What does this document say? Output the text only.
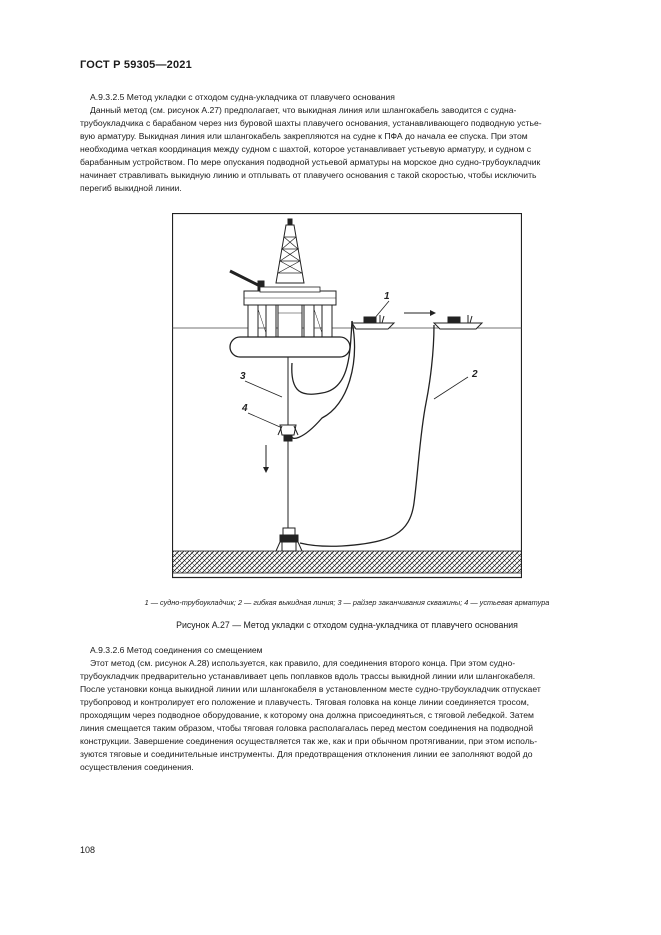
ГОСТ Р 59305—2021
А.9.3.2.5 Метод укладки с отходом судна-укладчика от плавучего основания
Данный метод (см. рисунок А.27) предполагает, что выкидная линия или шлангокабель заводится с судна-
трубоукладчика с барабаном через низ буровой шахты плавучего основания, устанавливающего подводную устье-
вую арматуру. Выкидная линия или шлангокабель закрепляются на судне к ПФА до начала ее спуска. При этом
необходима четкая координация между судном с шахтой, которое устанавливает устьевую арматуру, и судном с
барабанным устройством. По мере опускания подводной устьевой арматуры на морское дно судно-трубоукладчик
начинает стравливать выкидную линию и отплывать от плавучего основания с такой скоростью, чтобы исключить
перегиб выкидной линии.
1
2
3
4
1 — судно-трубоукладчик; 2 — гибкая выкидная линия; 3 — райзер заканчивания скважины; 4 — устьевая арматура
Рисунок А.27 — Метод укладки с отходом судна-укладчика от плавучего основания
А.9.3.2.6 Метод соединения со смещением
Этот метод (см. рисунок А.28) используется, как правило, для соединения второго конца. При этом судно-
трубоукладчик предварительно устанавливает цепь поплавков вдоль трассы выкидной линии или шлангокабеля.
После установки конца выкидной линии или шлангокабеля в установленном месте судно-трубоукладчик отпускает
трубопровод и контролирует его положение и плавучесть. Тяговая головка на конце линии соединяется тросом,
проходящим через подводное оборудование, к которому она должна присоединяться, с тяговой лебедкой. Затем
линия смещается таким образом, чтобы тяговая головка располагалась перед местом соединения на подводной
конструкции. Завершение соединения осуществляется так же, как и при обычном протягивании, при этом исполь-
зуются тяговые и соединительные инструменты. Для предотвращения отклонения линии ее заполняют водой до
осуществления соединения.
108
